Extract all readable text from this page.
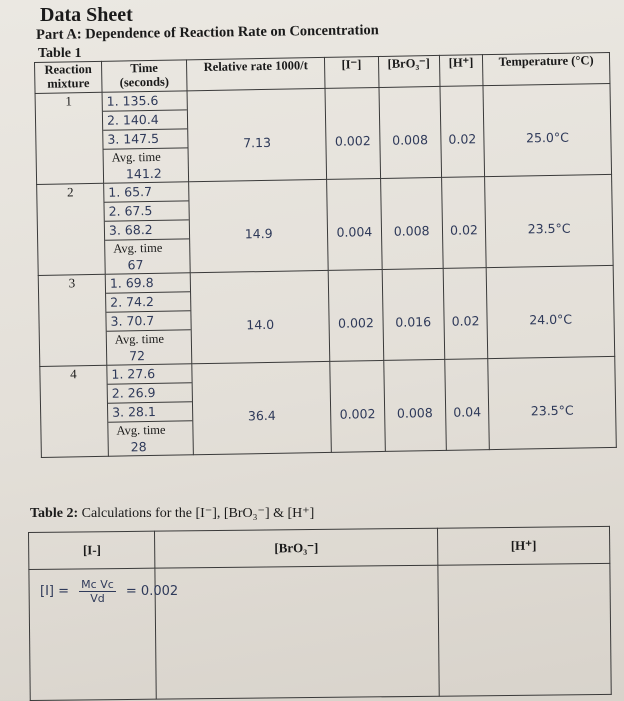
Data Sheet
Part A: Dependence of Reaction Rate on Concentration
Table 1
Reaction mixture	Time (seconds)	Relative rate 1000/t	[I⁻]	[BrO₃⁻]	[H⁺]	Temperature (°C)
1	1. 135.6
2. 140.4
3. 147.5
Avg. time
141.2	7.13	0.002	0.008	0.02	25.0°C
2	1. 65.7
2. 67.5
3. 68.2
Avg. time
67	14.9	0.004	0.008	0.02	23.5°C
3	1. 69.8
2. 74.2
3. 70.7
Avg. time
72	14.0	0.002	0.016	0.02	24.0°C
4	1. 27.6
2. 26.9
3. 28.1
Avg. time
28	36.4	0.002	0.008	0.04	23.5°C
Table 2: Calculations for the [I⁻], [BrO₃⁻] & [H⁺]
[I-]	[BrO₃⁻]	[H⁺]

$[I] = \frac{\text{Mc Vc}}{Vd} = 0.002$
